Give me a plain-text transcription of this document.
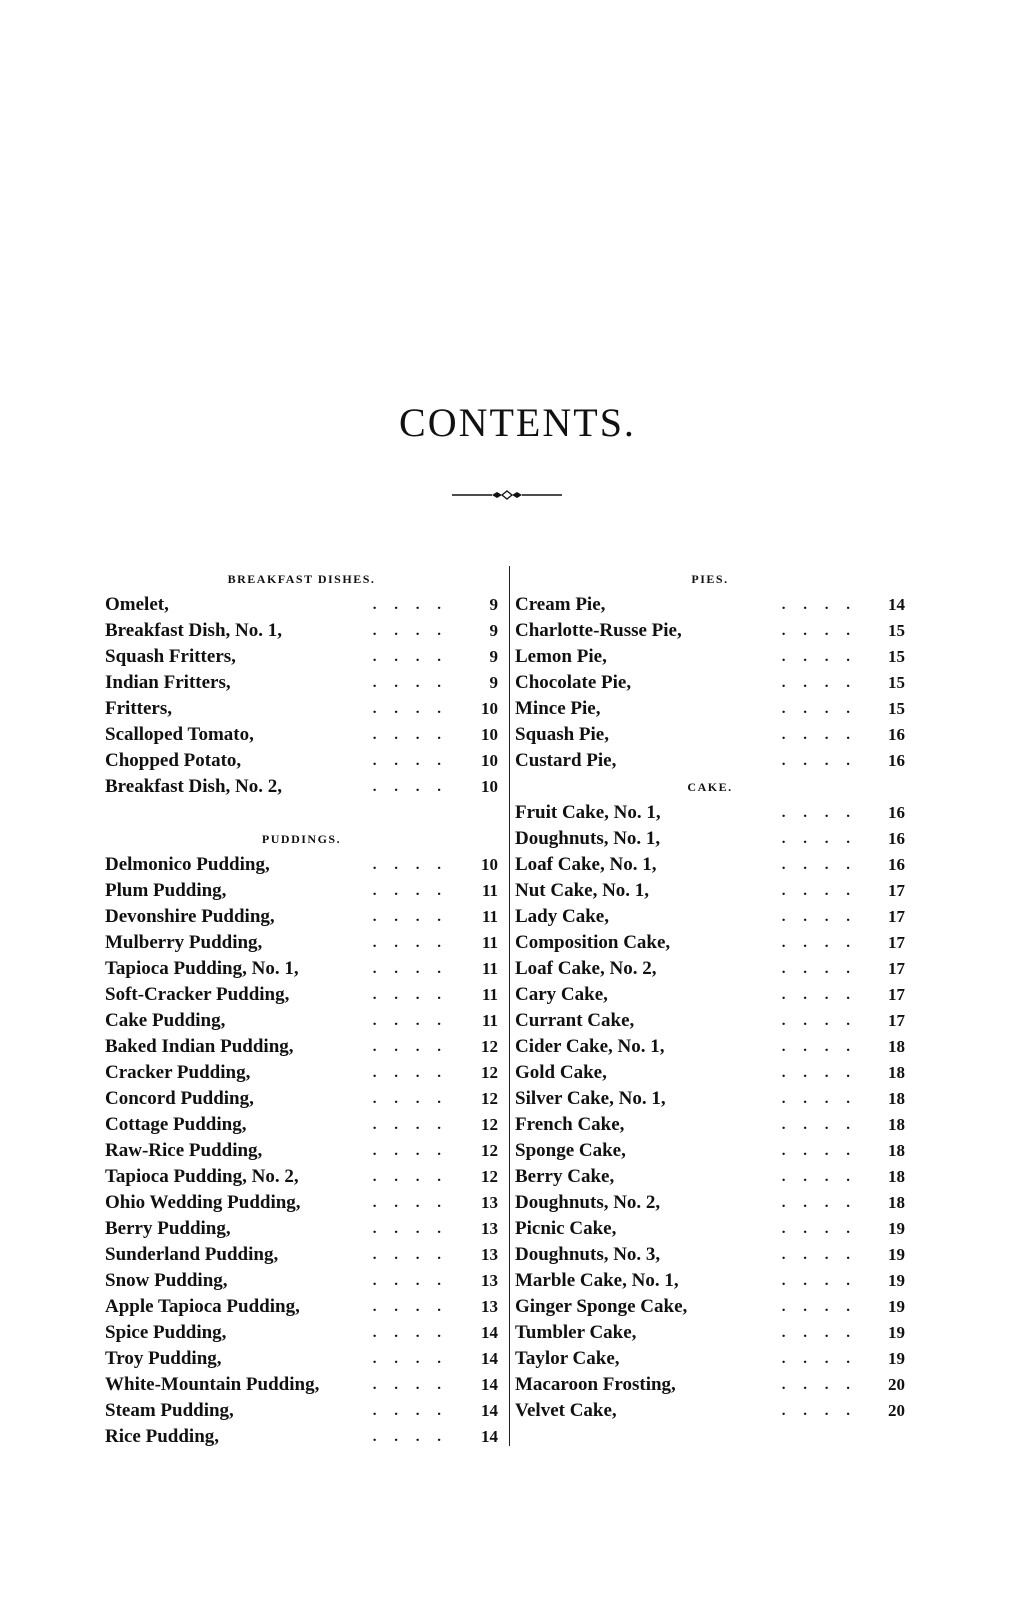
CONTENTS.
BREAKFAST DISHES.
Omelet,	. . . .	9
Breakfast Dish, No. 1,	. . . .	9
Squash Fritters,	. . . .	9
Indian Fritters,	. . . .	9
Fritters,	. . . .	10
Scalloped Tomato,	. . . .	10
Chopped Potato,	. . . .	10
Breakfast Dish, No. 2,	. . . .	10
PUDDINGS.
Delmonico Pudding,	. . . .	10
Plum Pudding,	. . . .	11
Devonshire Pudding,	. . . .	11
Mulberry Pudding,	. . . .	11
Tapioca Pudding, No. 1,	. . . .	11
Soft-Cracker Pudding,	. . . .	11
Cake Pudding,	. . . .	11
Baked Indian Pudding,	. . . .	12
Cracker Pudding,	. . . .	12
Concord Pudding,	. . . .	12
Cottage Pudding,	. . . .	12
Raw-Rice Pudding,	. . . .	12
Tapioca Pudding, No. 2,	. . . .	12
Ohio Wedding Pudding,	. . . .	13
Berry Pudding,	. . . .	13
Sunderland Pudding,	. . . .	13
Snow Pudding,	. . . .	13
Apple Tapioca Pudding,	. . . .	13
Spice Pudding,	. . . .	14
Troy Pudding,	. . . .	14
White-Mountain Pudding,	. . . .	14
Steam Pudding,	. . . .	14
Rice Pudding,	. . . .	14
PIES.
Cream Pie,	. . . .	14
Charlotte-Russe Pie,	. . . .	15
Lemon Pie,	. . . .	15
Chocolate Pie,	. . . .	15
Mince Pie,	. . . .	15
Squash Pie,	. . . .	16
Custard Pie,	. . . .	16
CAKE.
Fruit Cake, No. 1,	. . . .	16
Doughnuts, No. 1,	. . . .	16
Loaf Cake, No. 1,	. . . .	16
Nut Cake, No. 1,	. . . .	17
Lady Cake,	. . . .	17
Composition Cake,	. . . .	17
Loaf Cake, No. 2,	. . . .	17
Cary Cake,	. . . .	17
Currant Cake,	. . . .	17
Cider Cake, No. 1,	. . . .	18
Gold Cake,	. . . .	18
Silver Cake, No. 1,	. . . .	18
French Cake,	. . . .	18
Sponge Cake,	. . . .	18
Berry Cake,	. . . .	18
Doughnuts, No. 2,	. . . .	18
Picnic Cake,	. . . .	19
Doughnuts, No. 3,	. . . .	19
Marble Cake, No. 1,	. . . .	19
Ginger Sponge Cake,	. . . .	19
Tumbler Cake,	. . . .	19
Taylor Cake,	. . . .	19
Macaroon Frosting,	. . . .	20
Velvet Cake,	. . . .	20
